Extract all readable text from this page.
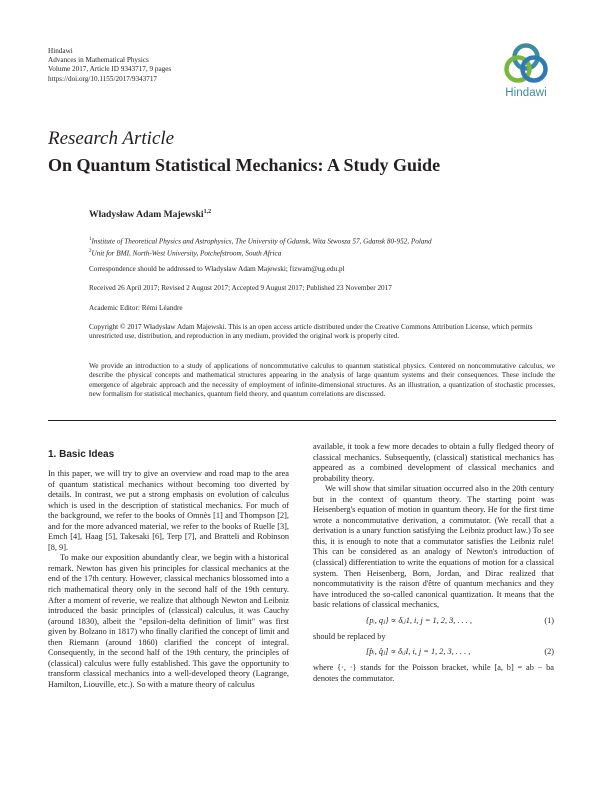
Hindawi
Advances in Mathematical Physics
Volume 2017, Article ID 9343717, 9 pages
https://doi.org/10.1155/2017/9343717
Hindawi
Research Article
On Quantum Statistical Mechanics: A Study Guide
Władysław Adam Majewski$^{1,2}$
$^1$Institute of Theoretical Physics and Astrophysics, The University of Gdansk, Wita Stwosza 57, Gdansk 80-952, Poland
$^2$Unit for BMI, North-West University, Potchefstroom, South Africa
Correspondence should be addressed to Władysław Adam Majewski; fizwam@ug.edu.pl
Received 26 April 2017; Revised 2 August 2017; Accepted 9 August 2017; Published 23 November 2017
Academic Editor: Rémi Léandre
Copyright © 2017 Władysław Adam Majewski. This is an open access article distributed under the Creative Commons Attribution License, which permits unrestricted use, distribution, and reproduction in any medium, provided the original work is properly cited.
We provide an introduction to a study of applications of noncommutative calculus to quantum statistical physics. Centered on noncommutative calculus, we describe the physical concepts and mathematical structures appearing in the analysis of large quantum systems and their consequences. These include the emergence of algebraic approach and the necessity of employment of infinite-dimensional structures. As an illustration, a quantization of stochastic processes, new formalism for statistical mechanics, quantum field theory, and quantum correlations are discussed.
1. Basic Ideas

In this paper, we will try to give an overview and road map to the area of quantum statistical mechanics without becoming too diverted by details. In contrast, we put a strong emphasis on evolution of calculus which is used in the description of statistical mechanics. For much of the background, we refer to the books of Omnès [1] and Thompson [2], and for the more advanced material, we refer to the books of Ruelle [3], Emch [4], Haag [5], Takesaki [6], Terp [7], and Bratteli and Robinson [8, 9].

To make our exposition abundantly clear, we begin with a historical remark. Newton has given his principles for classical mechanics at the end of the 17th century. However, classical mechanics blossomed into a rich mathematical theory only in the second half of the 19th century. After a moment of reverie, we realize that although Newton and Leibniz introduced the basic principles of (classical) calculus, it was Cauchy (around 1830), albeit the "epsilon-delta definition of limit" was first given by Bolzano in 1817) who finally clarified the concept of limit and then Riemann (around 1860) clarified the concept of integral. Consequently, in the second half of the 19th century, the principles of (classical) calculus were fully established. This gave the opportunity to transform classical mechanics into a well-developed theory (Lagrange, Hamilton, Liouville, etc.). So with a mature theory of calculus

available, it took a few more decades to obtain a fully fledged theory of classical mechanics. Subsequently, (classical) statistical mechanics has appeared as a combined development of classical mechanics and probability theory.

We will show that similar situation occurred also in the 20th century but in the context of quantum theory. The starting point was Heisenberg's equation of motion in quantum theory. He for the first time wrote a noncommutative derivation, a commutator. (We recall that a derivation is a unary function satisfying the Leibniz product law.) To see this, it is enough to note that a commutator satisfies the Leibniz rule! This can be considered as an analogy of Newton's introduction of (classical) differentiation to write the equations of motion for a classical system. Then Heisenberg, Born, Jordan, and Dirac realized that noncommutativity is the raison d'être of quantum mechanics and they have introduced the so-called canonical quantization. It means that the basic relations of classical mechanics,

{pᵢ, qⱼ} ∝ δᵢⱼ1, i, j = 1, 2, 3, . . . ,	(1)

should be replaced by

[p̂ᵢ, q̂ⱼ] ∝ δᵢⱼI, i, j = 1, 2, 3, . . . ,	(2)

where {·, ·} stands for the Poisson bracket, while [a, b] = ab − ba denotes the commutator.
